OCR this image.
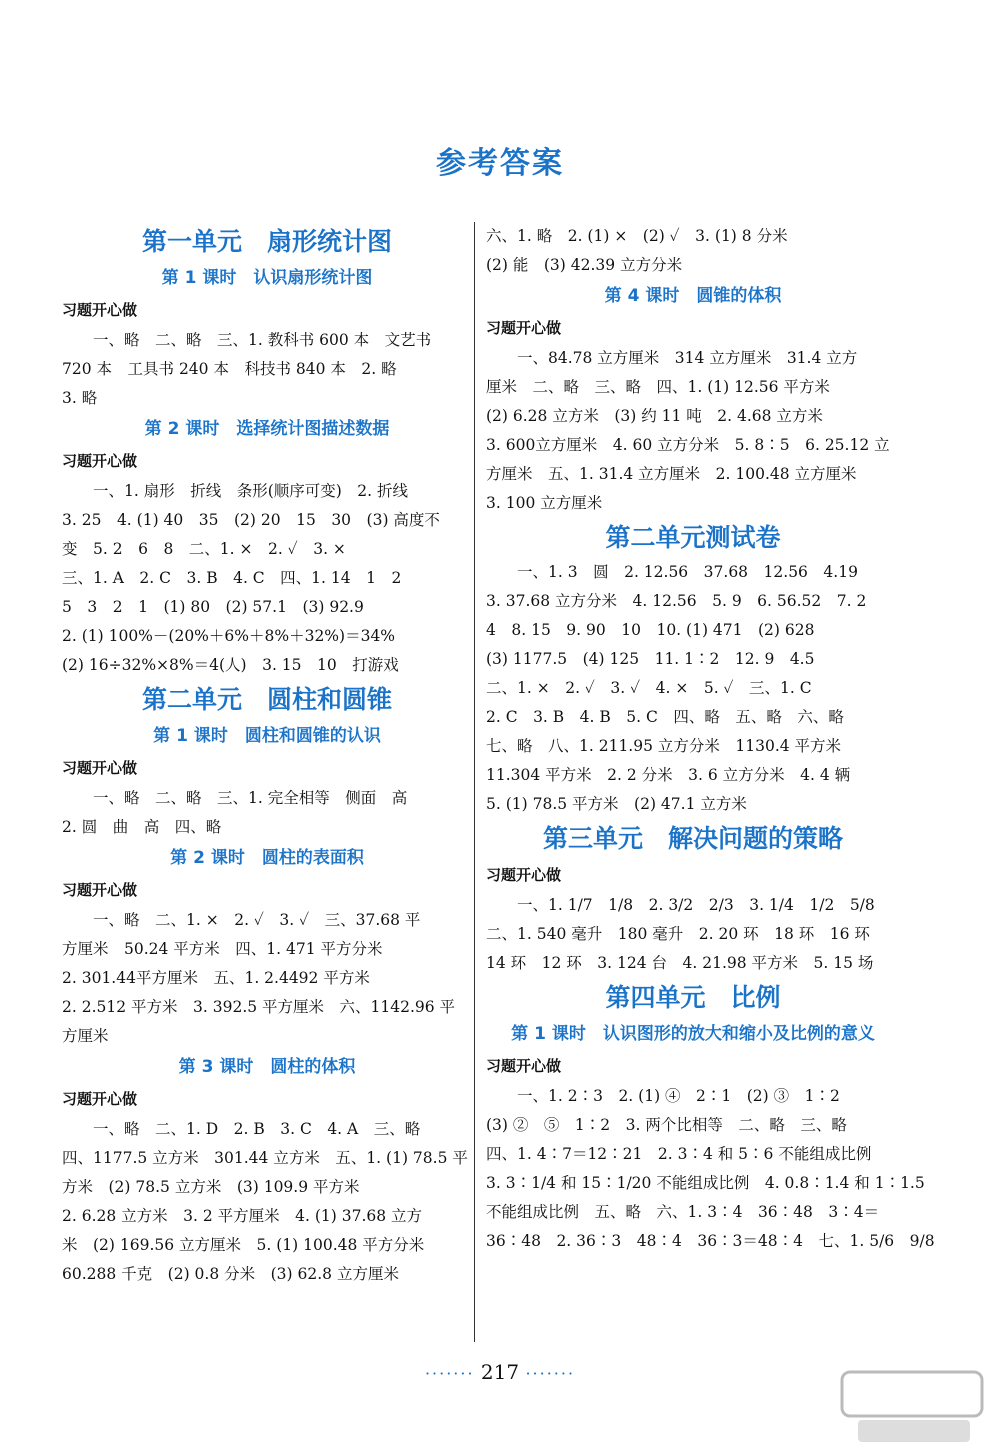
参考答案
第一单元　扇形统计图
第 1 课时　认识扇形统计图
习题开心做
一、略　二、略　三、1. 教科书 600 本　文艺书
720 本　工具书 240 本　科技书 840 本　2. 略
3. 略
第 2 课时　选择统计图描述数据
习题开心做
一、1. 扇形　折线　条形(顺序可变)　2. 折线
3. 25　4. (1) 40　35　(2) 20　15　30　(3) 高度不
变　5. 2　6　8　二、1. ×　2. ✓　3. ×
三、1. A　2. C　3. B　4. C　四、1. 14　1　2
5　3　2　1　(1) 80　(2) 57.1　(3) 92.9
2. (1) 100%－(20%＋6%＋8%＋32%)＝34%
(2) 16÷32%×8%＝4(人)　3. 15　10　打游戏
第二单元　圆柱和圆锥
第 1 课时　圆柱和圆锥的认识
习题开心做
一、略　二、略　三、1. 完全相等　侧面　高
2. 圆　曲　高　四、略
第 2 课时　圆柱的表面积
习题开心做
一、略　二、1. ×　2. ✓　3. ✓　三、37.68 平
方厘米　50.24 平方米　四、1. 471 平方分米
2. 301.44平方厘米　五、1. 2.4492 平方米
2. 2.512 平方米　3. 392.5 平方厘米　六、1142.96 平
方厘米
第 3 课时　圆柱的体积
习题开心做
一、略　二、1. D　2. B　3. C　4. A　三、略
四、1177.5 立方米　301.44 立方米　五、1. (1) 78.5 平
方米　(2) 78.5 立方米　(3) 109.9 平方米
2. 6.28 立方米　3. 2 平方厘米　4. (1) 37.68 立方
米　(2) 169.56 立方厘米　5. (1) 100.48 平方分米
60.288 千克　(2) 0.8 分米　(3) 62.8 立方厘米
六、1. 略　2. (1) ×　(2) ✓　3. (1) 8 分米
(2) 能　(3) 42.39 立方分米
第 4 课时　圆锥的体积
习题开心做
一、84.78 立方厘米　314 立方厘米　31.4 立方
厘米　二、略　三、略　四、1. (1) 12.56 平方米
(2) 6.28 立方米　(3) 约 11 吨　2. 4.68 立方米
3. 600立方厘米　4. 60 立方分米　5. 8∶5　6. 25.12 立
方厘米　五、1. 31.4 立方厘米　2. 100.48 立方厘米
3. 100 立方厘米
第二单元测试卷
一、1. 3　圆　2. 12.56　37.68　12.56　4.19
3. 37.68 立方分米　4. 12.56　5. 9　6. 56.52　7. 2
4　8. 15　9. 90　10　10. (1) 471　(2) 628
(3) 1177.5　(4) 125　11. 1∶2　12. 9　4.5
二、1. ×　2. ✓　3. ✓　4. ×　5. ✓　三、1. C
2. C　3. B　4. B　5. C　四、略　五、略　六、略
七、略　八、1. 211.95 立方分米　1130.4 平方米
11.304 平方米　2. 2 分米　3. 6 立方分米　4. 4 辆
5. (1) 78.5 平方米　(2) 47.1 立方米
第三单元　解决问题的策略
习题开心做
一、1. 1/7　1/8　2. 3/2　2/3　3. 1/4　1/2　5/8
二、1. 540 毫升　180 毫升　2. 20 环　18 环　16 环
14 环　12 环　3. 124 台　4. 21.98 平方米　5. 15 场
第四单元　比例
第 1 课时　认识图形的放大和缩小及比例的意义
习题开心做
一、1. 2∶3　2. (1) ④　2∶1　(2) ③　1∶2
(3) ②　⑤　1∶2　3. 两个比相等　二、略　三、略
四、1. 4∶7＝12∶21　2. 3∶4 和 5∶6 不能组成比例
3. 3∶1/4 和 15∶1/20 不能组成比例　4. 0.8∶1.4 和 1∶1.5
不能组成比例　五、略　六、1. 3∶4　36∶48　3∶4＝
36∶48　2. 36∶3　48∶4　36∶3＝48∶4　七、1. 5/6　9/8
······· 217 ·······
